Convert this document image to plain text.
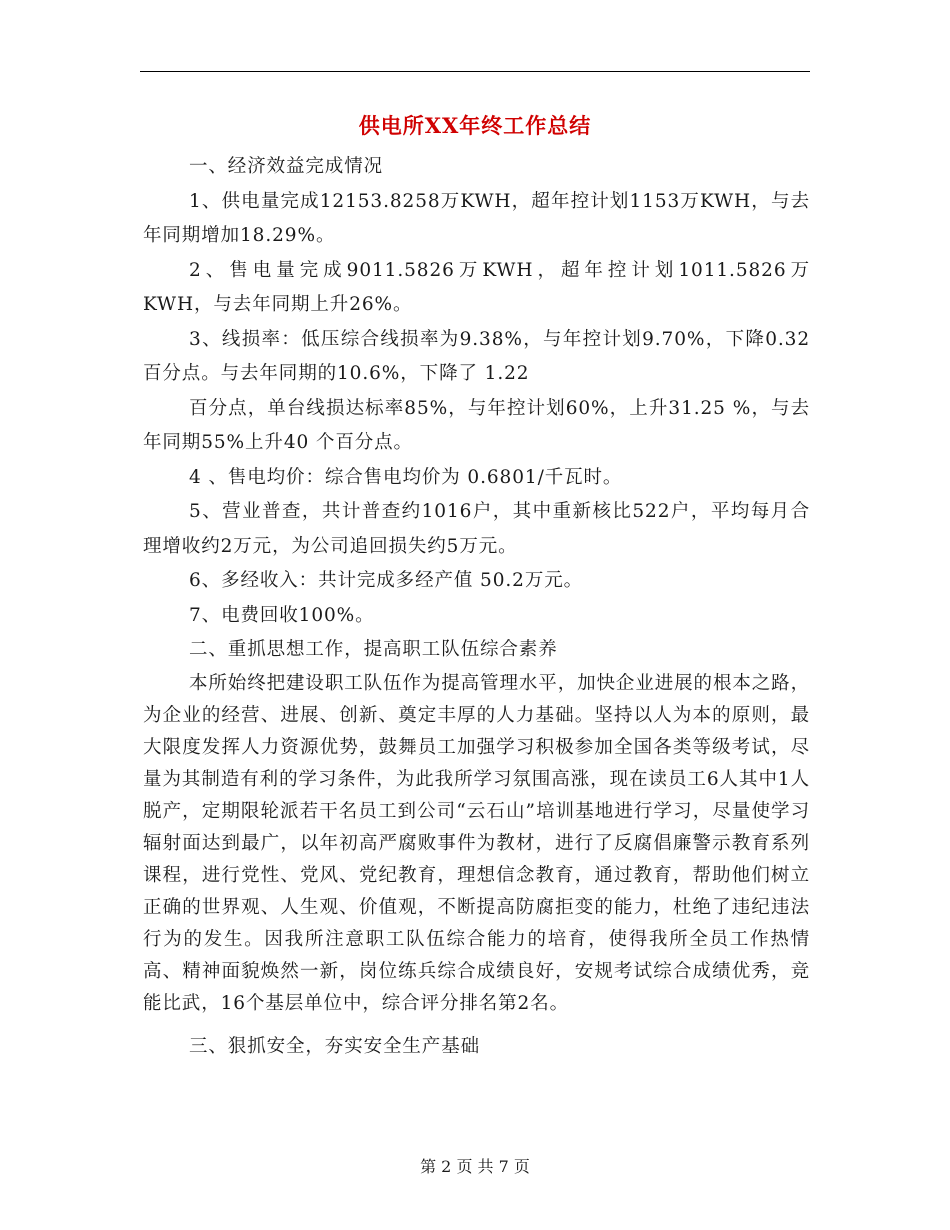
供电所XX年终工作总结

一、经济效益完成情况

1、供电量完成12153.8258万KWH，超年控计划1153万KWH，与去年同期增加18.29%。

2、售电量完成9011.5826万KWH，超年控计划1011.5826万KWH，与去年同期上升26%。

3、线损率：低压综合线损率为9.38%，与年控计划9.70%，下降0.32百分点。与去年同期的10.6%，下降了 1.22

百分点，单台线损达标率85%，与年控计划60%，上升31.25 %，与去年同期55%上升40 个百分点。

4 、售电均价：综合售电均价为 0.6801/千瓦时。

5、营业普查，共计普查约1016户，其中重新核比522户，平均每月合理增收约2万元，为公司追回损失约5万元。

6、多经收入：共计完成多经产值 50.2万元。

7、电费回收100%。

二、重抓思想工作，提高职工队伍综合素养

本所始终把建设职工队伍作为提高管理水平，加快企业进展的根本之路，为企业的经营、进展、创新、奠定丰厚的人力基础。坚持以人为本的原则，最大限度发挥人力资源优势，鼓舞员工加强学习积极参加全国各类等级考试，尽量为其制造有利的学习条件，为此我所学习氛围高涨，现在读员工6人其中1人脱产，定期限轮派若干名员工到公司“云石山”培训基地进行学习，尽量使学习辐射面达到最广，以年初高严腐败事件为教材，进行了反腐倡廉警示教育系列课程，进行党性、党风、党纪教育，理想信念教育，通过教育，帮助他们树立正确的世界观、人生观、价值观，不断提高防腐拒变的能力，杜绝了违纪违法行为的发生。因我所注意职工队伍综合能力的培育，使得我所全员工作热情高、精神面貌焕然一新，岗位练兵综合成绩良好，安规考试综合成绩优秀，竞能比武，16个基层单位中，综合评分排名第2名。

三、狠抓安全，夯实安全生产基础

第 2 页 共 7 页
